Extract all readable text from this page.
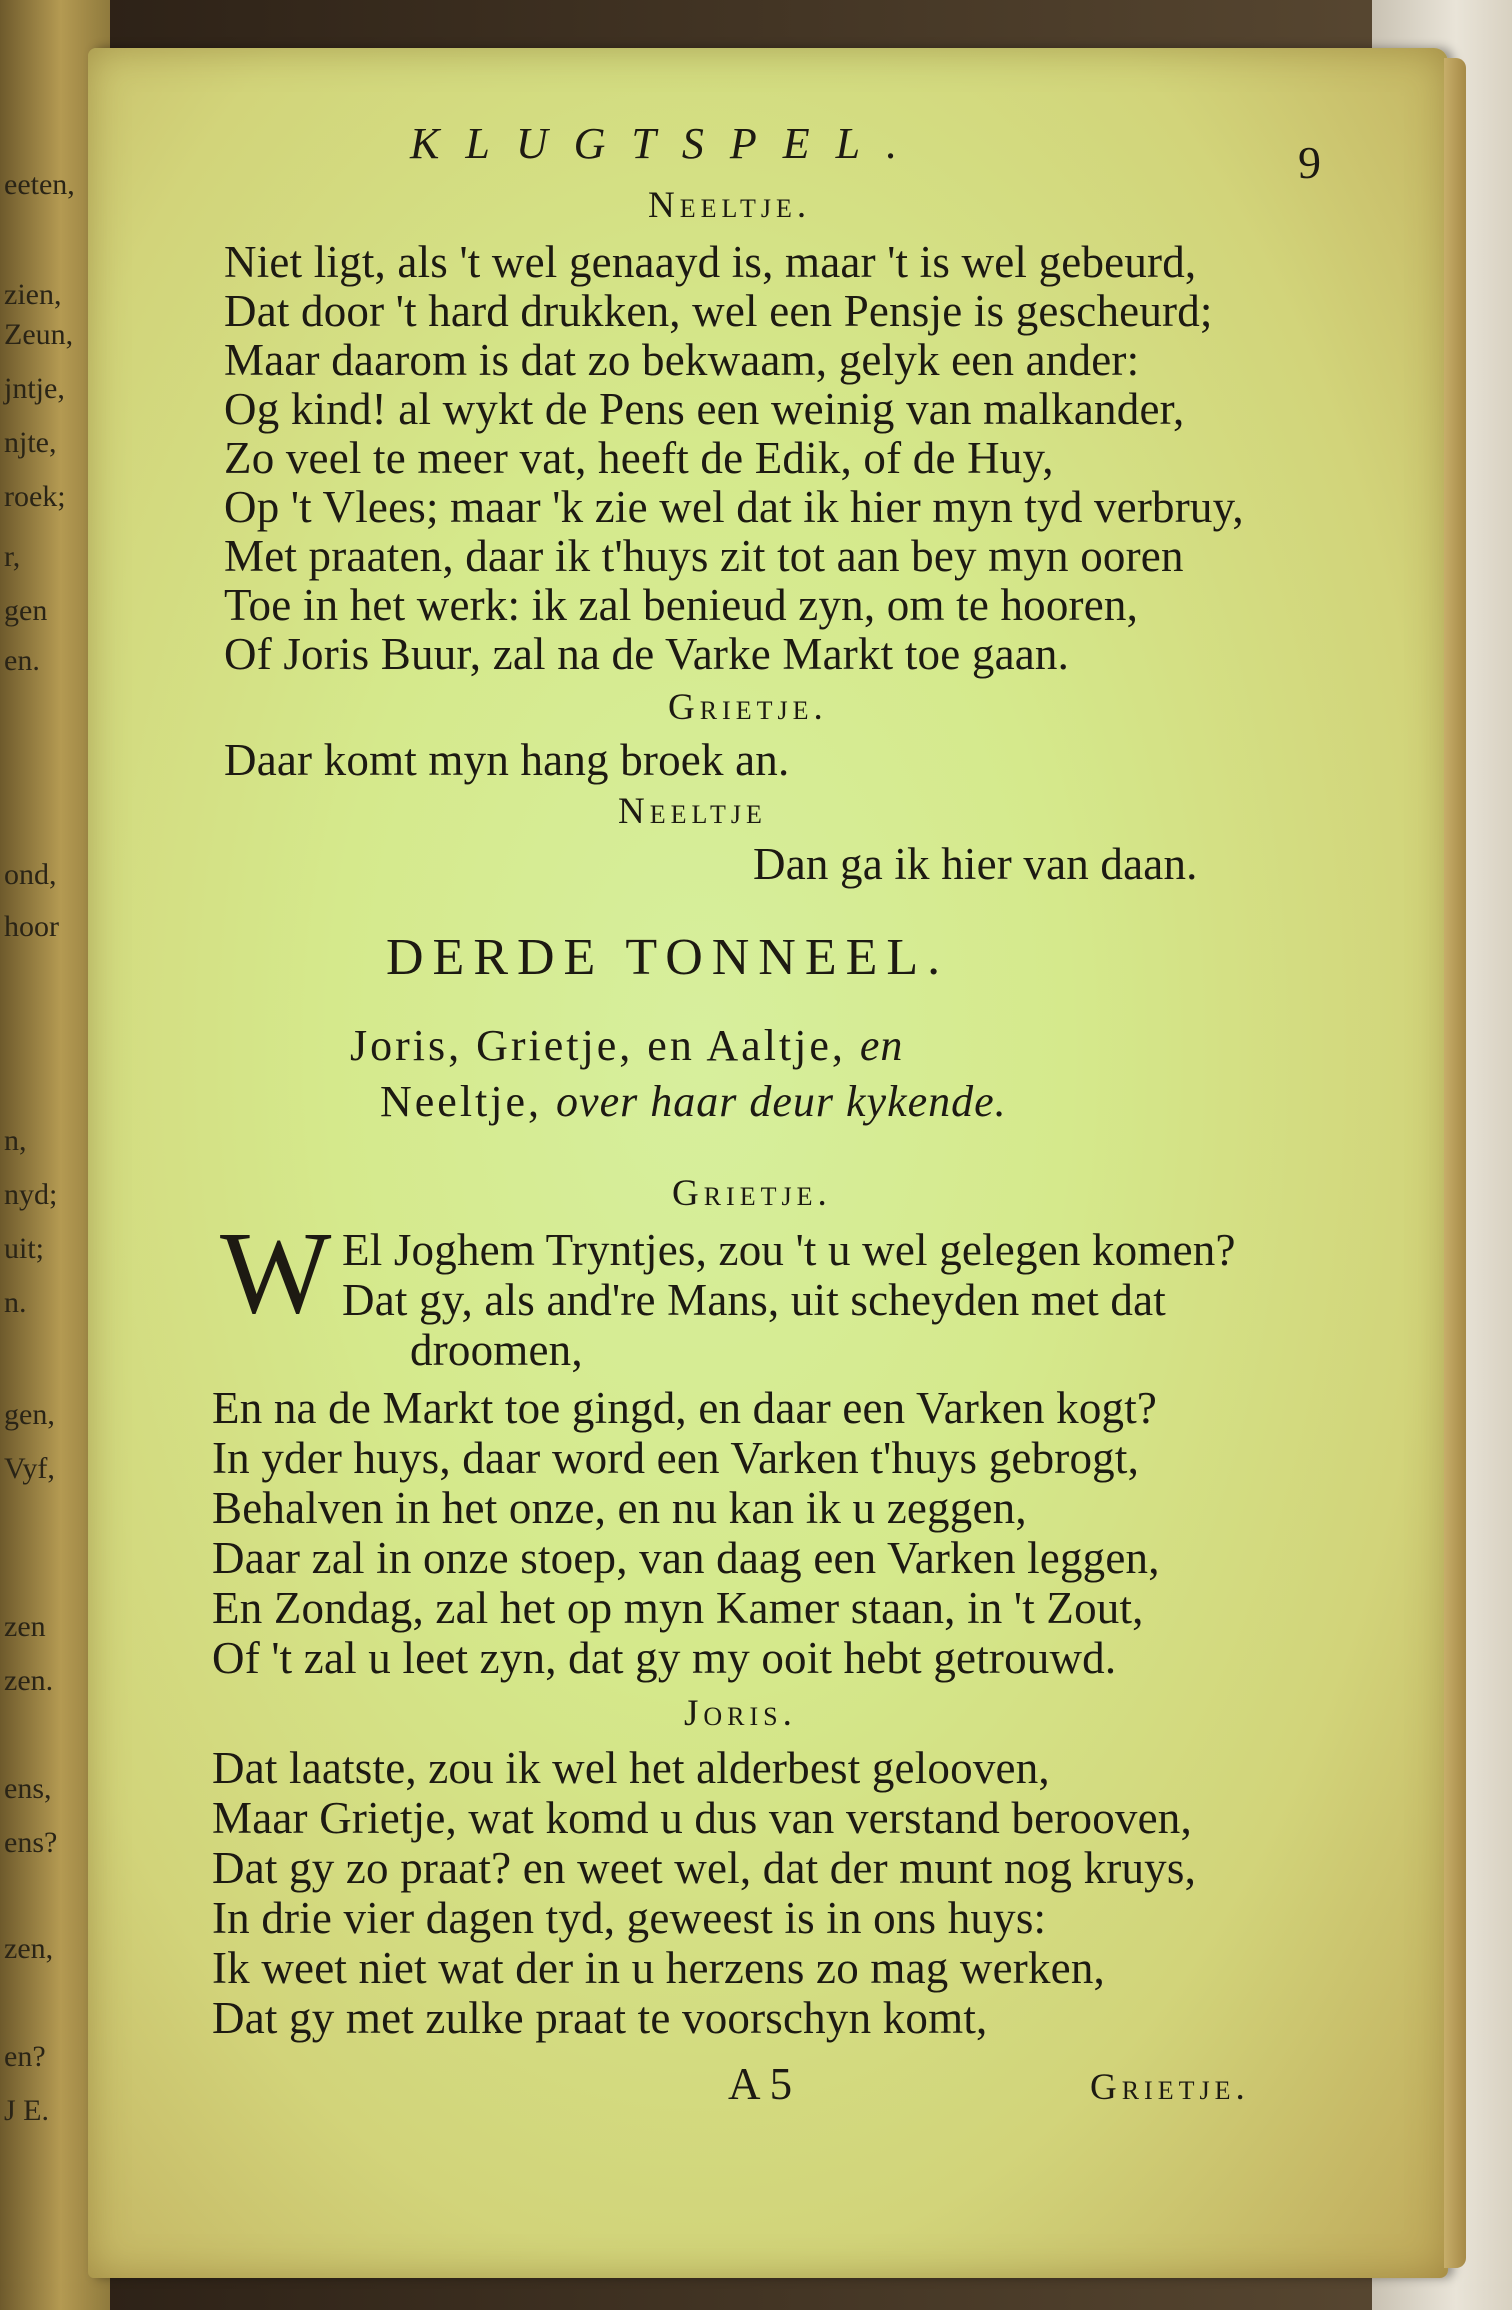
eeten,
zien,
Zeun,
jntje,
njte,
roek;
r,
gen
en.
ond,
hoor
n,
nyd;
uit;
n.
gen,
Vyf,
zen
zen.
ens,
ens?
zen,
en?
J E.
KLUGTSPEL.	9
Neeltje.
Niet ligt, als 't wel genaayd is, maar 't is wel gebeurd,
Dat door 't hard drukken, wel een Pensje is gescheurd;
Maar daarom is dat zo bekwaam, gelyk een ander:
Og kind! al wykt de Pens een weinig van malkander,
Zo veel te meer vat, heeft de Edik, of de Huy,
Op 't Vlees; maar 'k zie wel dat ik hier myn tyd verbruy,
Met praaten, daar ik t'huys zit tot aan bey myn ooren
Toe in het werk: ik zal benieud zyn, om te hooren,
Of Joris Buur, zal na de Varke Markt toe gaan.
Grietje.
Daar komt myn hang broek an.
Neeltje
Dan ga ik hier van daan.
DERDE TONNEEL.
Joris, Grietje, en Aaltje, en
Neeltje, over haar deur kykende.
Grietje.
W El Joghem Tryntjes, zou 't u wel gelegen komen?
Dat gy, als and're Mans, uit scheyden met dat
droomen,
En na de Markt toe gingd, en daar een Varken kogt?
In yder huys, daar word een Varken t'huys gebrogt,
Behalven in het onze, en nu kan ik u zeggen,
Daar zal in onze stoep, van daag een Varken leggen,
En Zondag, zal het op myn Kamer staan, in 't Zout,
Of 't zal u leet zyn, dat gy my ooit hebt getrouwd.
Joris.
Dat laatste, zou ik wel het alderbest gelooven,
Maar Grietje, wat komd u dus van verstand berooven,
Dat gy zo praat? en weet wel, dat der munt nog kruys,
In drie vier dagen tyd, geweest is in ons huys:
Ik weet niet wat der in u herzens zo mag werken,
Dat gy met zulke praat te voorschyn komt,
A 5	Grietje.
